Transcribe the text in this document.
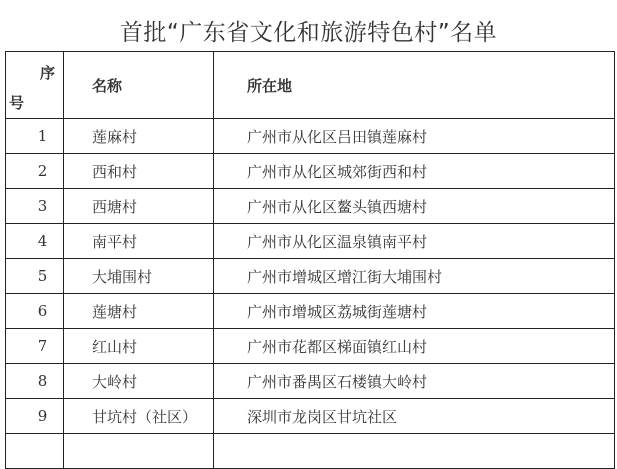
首批“广东省文化和旅游特色村”名单
序
号	名称	所在地
1	莲麻村	广州市从化区吕田镇莲麻村
2	西和村	广州市从化区城郊街西和村
3	西塘村	广州市从化区鳌头镇西塘村
4	南平村	广州市从化区温泉镇南平村
5	大埔围村	广州市增城区增江街大埔围村
6	莲塘村	广州市增城区荔城街莲塘村
7	红山村	广州市花都区梯面镇红山村
8	大岭村	广州市番禺区石楼镇大岭村
9	甘坑村（社区）	深圳市龙岗区甘坑社区
